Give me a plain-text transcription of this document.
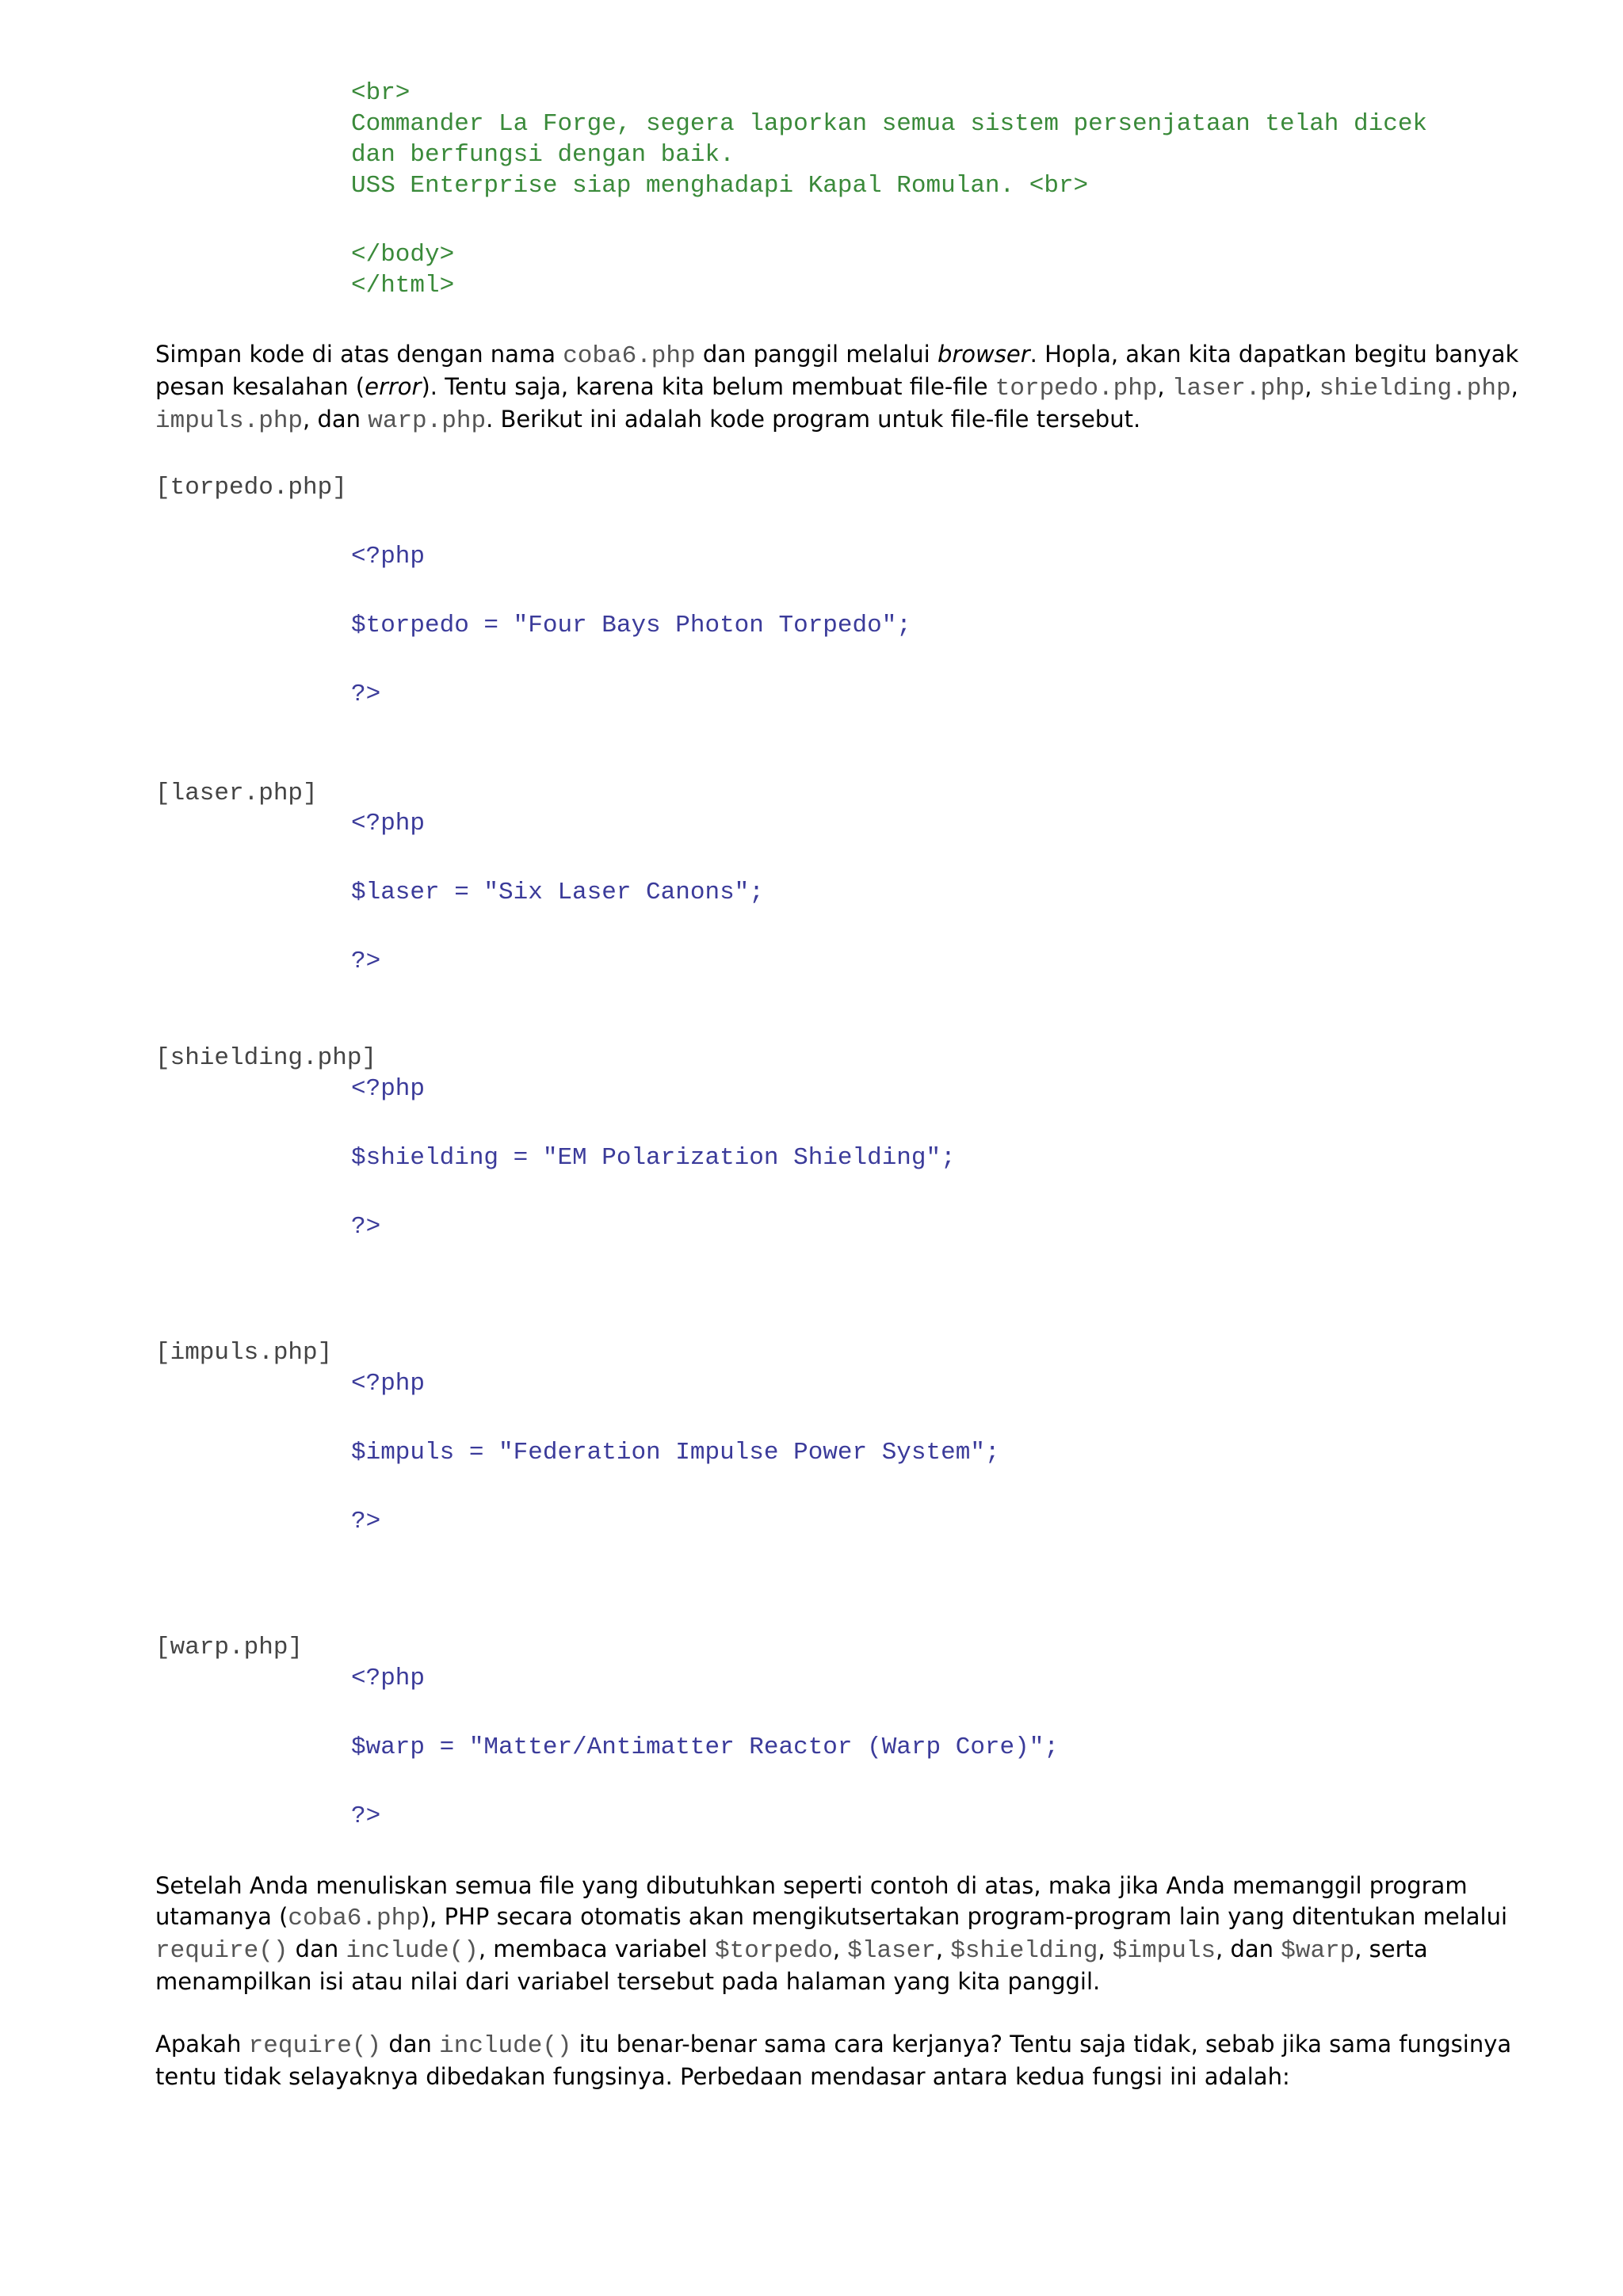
<br>
Commander La Forge, segera laporkan semua sistem persenjataan telah dicek
dan berfungsi dengan baik.
USS Enterprise siap menghadapi Kapal Romulan. <br>
</body>
</html>
Simpan kode di atas dengan nama coba6.php dan panggil melalui browser. Hopla, akan kita dapatkan begitu banyak pesan kesalahan (error). Tentu saja, karena kita belum membuat file-file torpedo.php, laser.php, shielding.php, impuls.php, dan warp.php. Berikut ini adalah kode program untuk file-file tersebut.
[torpedo.php]
<?php
$torpedo = "Four Bays Photon Torpedo";
?>
[laser.php]
<?php
$laser = "Six Laser Canons";
?>
[shielding.php]
<?php
$shielding = "EM Polarization Shielding";
?>
[impuls.php]
<?php
$impuls = "Federation Impulse Power System";
?>
[warp.php]
<?php
$warp = "Matter/Antimatter Reactor (Warp Core)";
?>
Setelah Anda menuliskan semua file yang dibutuhkan seperti contoh di atas, maka jika Anda memanggil program utamanya (coba6.php), PHP secara otomatis akan mengikutsertakan program-program lain yang ditentukan melalui require() dan include(), membaca variabel $torpedo, $laser, $shielding, $impuls, dan $warp, serta menampilkan isi atau nilai dari variabel tersebut pada halaman yang kita panggil.
Apakah require() dan include() itu benar-benar sama cara kerjanya? Tentu saja tidak, sebab jika sama fungsinya tentu tidak selayaknya dibedakan fungsinya. Perbedaan mendasar antara kedua fungsi ini adalah:
